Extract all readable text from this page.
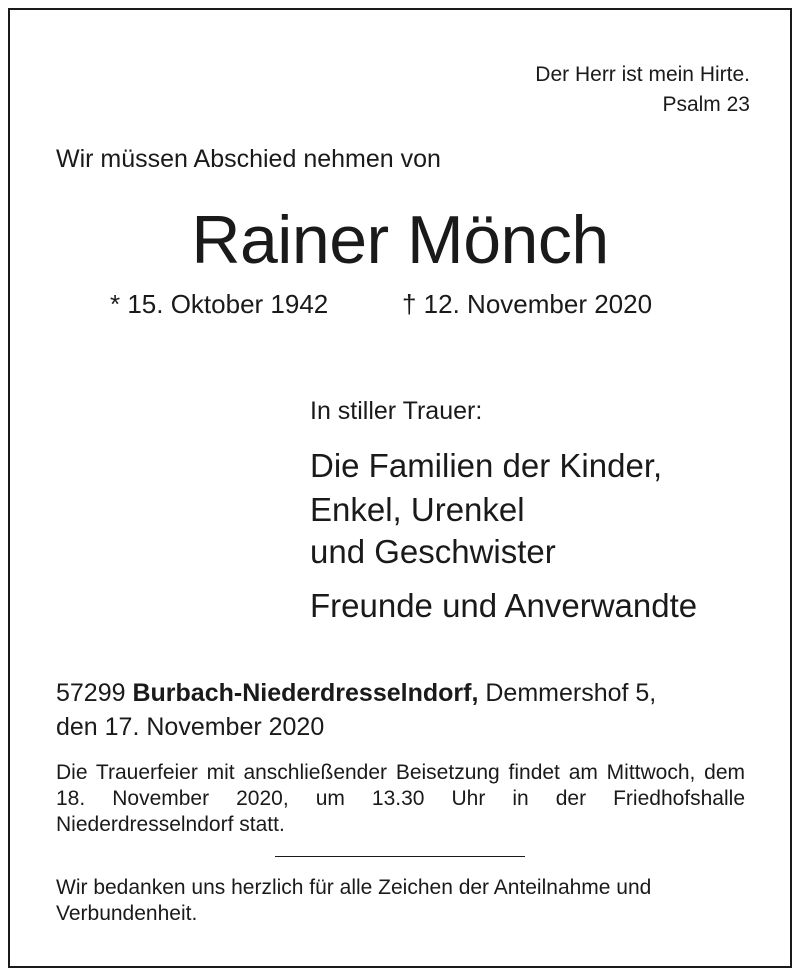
Der Herr ist mein Hirte.
Psalm 23

Wir müssen Abschied nehmen von

Rainer Mönch

* 15. Oktober 1942	† 12. November 2020

In stiller Trauer:

Die Familien der Kinder,

Enkel, Urenkel

und Geschwister

Freunde und Anverwandte

57299 Burbach-Niederdresselndorf, Demmershof 5,

den 17. November 2020

Die Trauerfeier mit anschließender Beisetzung findet am Mittwoch, dem 18. November 2020, um 13.30 Uhr in der Friedhofshalle Niederdresselndorf statt.

Wir bedanken uns herzlich für alle Zeichen der Anteilnahme und Verbundenheit.
